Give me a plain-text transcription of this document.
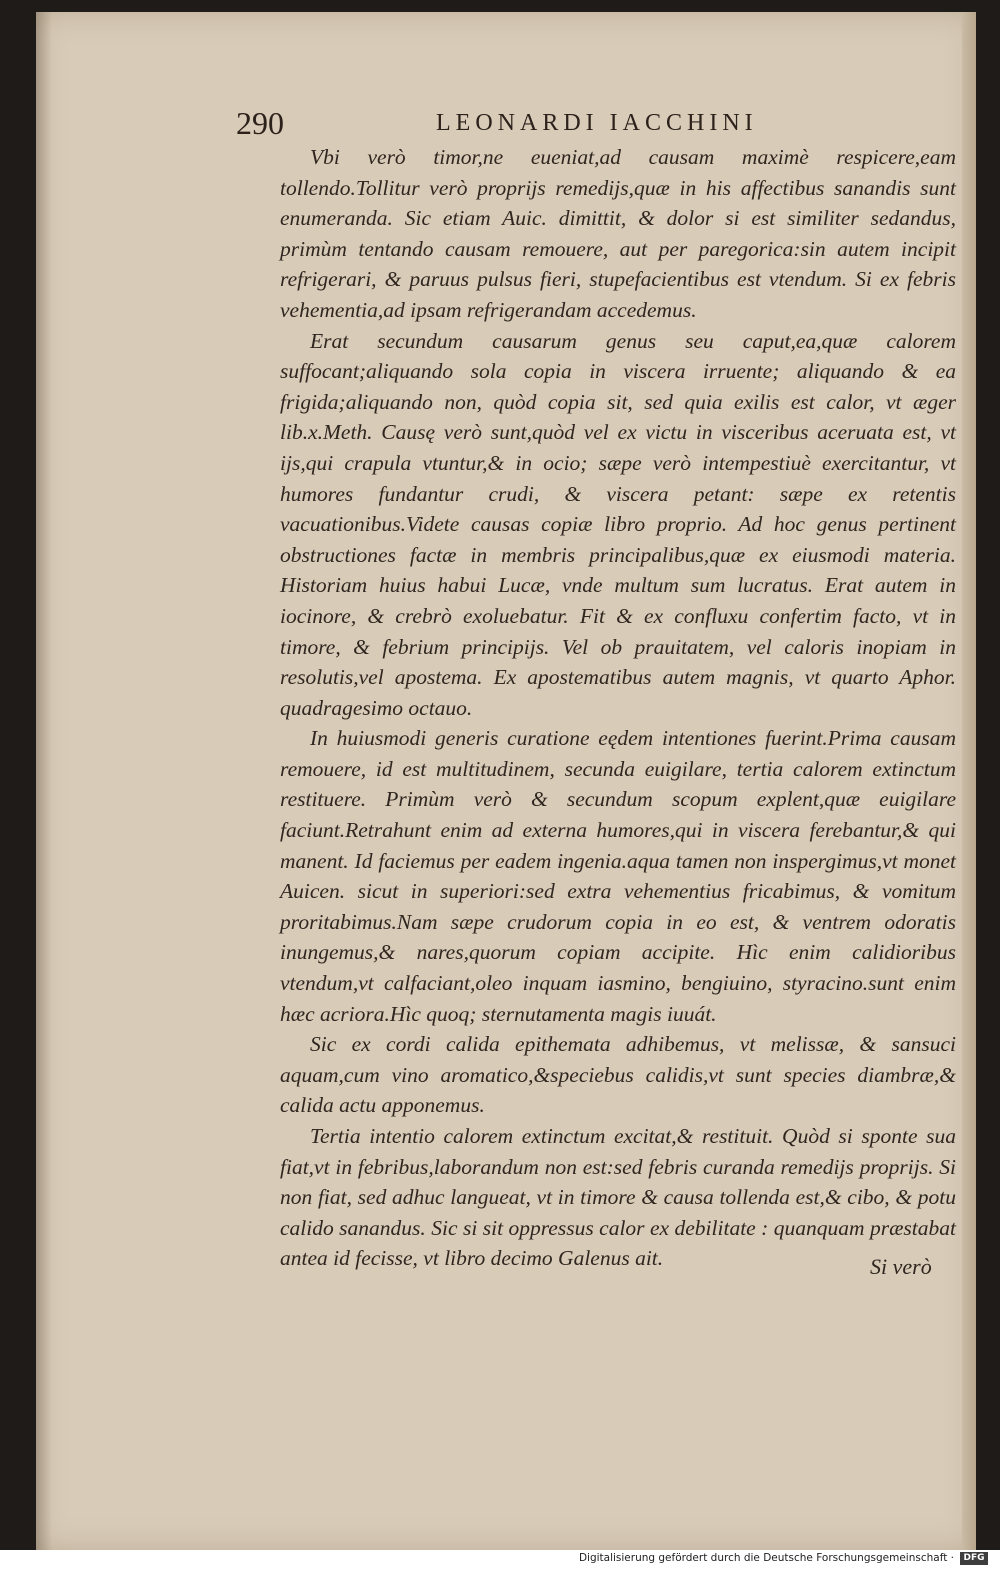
290	LEONARDI IACCHINI

Vbi verò timor,ne eueniat,ad causam maximè respicere,eam tollendo.Tollitur verò proprijs remedijs,quæ in his affectibus sanandis sunt enumeranda. Sic etiam Auic. dimittit, & dolor si est similiter sedandus, primùm tentando causam remouere, aut per paregorica:sin autem incipit refrigerari, & paruus pulsus fieri, stupefacientibus est vtendum. Si ex febris vehementia,ad ipsam refrigerandam accedemus.

Erat secundum causarum genus seu caput,ea,quæ calorem suffocant;aliquando sola copia in viscera irruente; aliquando & ea frigida;aliquando non, quòd copia sit, sed quia exilis est calor, vt æger lib.x.Meth. Causę verò sunt,quòd vel ex victu in visceribus aceruata est, vt ijs,qui crapula vtuntur,& in ocio; sæpe verò intempestiuè exercitantur, vt humores fundantur crudi, & viscera petant: sæpe ex retentis vacuationibus.Videte causas copiæ libro proprio. Ad hoc genus pertinent obstructiones factæ in membris principalibus,quæ ex eiusmodi materia. Historiam huius habui Lucæ, vnde multum sum lucratus. Erat autem in iocinore, & crebrò exoluebatur. Fit & ex confluxu confertim facto, vt in timore, & febrium principijs. Vel ob prauitatem, vel caloris inopiam in resolutis,vel apostema. Ex apostematibus autem magnis, vt quarto Aphor. quadragesimo octauo.

In huiusmodi generis curatione eędem intentiones fuerint.Prima causam remouere, id est multitudinem, secunda euigilare, tertia calorem extinctum restituere. Primùm verò & secundum scopum explent,quæ euigilare faciunt.Retrahunt enim ad externa humores,qui in viscera ferebantur,& qui manent. Id faciemus per eadem ingenia.aqua tamen non inspergimus,vt monet Auicen. sicut in superiori:sed extra vehementius fricabimus, & vomitum proritabimus.Nam sæpe crudorum copia in eo est, & ventrem odoratis inungemus,& nares,quorum copiam accipite. Hìc enim calidioribus vtendum,vt calfaciant,oleo inquam iasmino, bengiuino, styracino.sunt enim hæc acriora.Hìc quoq; sternutamenta magis iuuát.

Sic ex cordi calida epithemata adhibemus, vt melissæ, & sansuci aquam,cum vino aromatico,&speciebus calidis,vt sunt species diambræ,& calida actu apponemus.

Tertia intentio calorem extinctum excitat,& restituit. Quòd si sponte sua fiat,vt in febribus,laborandum non est:sed febris curanda remedijs proprijs. Si non fiat, sed adhuc langueat, vt in timore & causa tollenda est,& cibo, & potu calido sanandus. Sic si sit oppressus calor ex debilitate : quanquam præstabat antea id fecisse, vt libro decimo Galenus ait.	Si verò
Digitalisierung gefördert durch die Deutsche Forschungsgemeinschaft ·	DFG
